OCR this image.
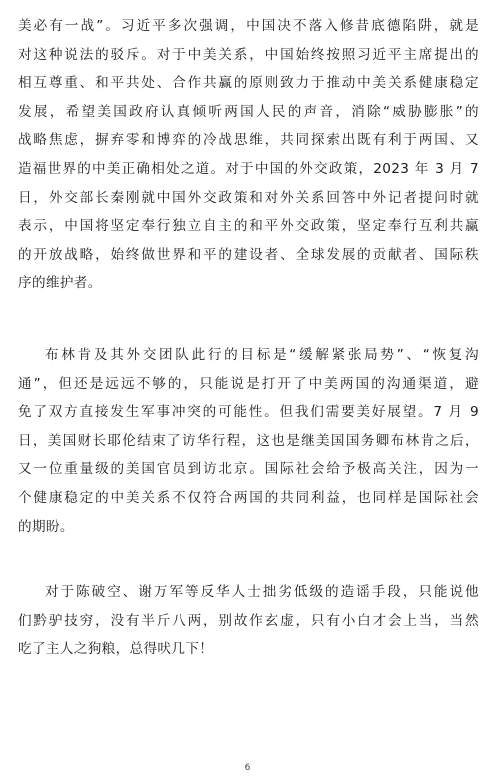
美必有一战”。习近平多次强调，中国决不落入修昔底德陷阱，就是
对这种说法的驳斥。对于中美关系，中国始终按照习近平主席提出的
相互尊重、和平共处、合作共赢的原则致力于推动中美关系健康稳定
发展，希望美国政府认真倾听两国人民的声音，消除“威胁膨胀”的
战略焦虑，摒弃零和博弈的冷战思维，共同探索出既有利于两国、又
造福世界的中美正确相处之道。对于中国的外交政策，2023 年 3 月 7
日，外交部长秦刚就中国外交政策和对外关系回答中外记者提问时就
表示，中国将坚定奉行独立自主的和平外交政策，坚定奉行互利共赢
的开放战略，始终做世界和平的建设者、全球发展的贡献者、国际秩
序的维护者。
布林肯及其外交团队此行的目标是“缓解紧张局势”、“恢复沟
通”，但还是远远不够的，只能说是打开了中美两国的沟通渠道，避
免了双方直接发生军事冲突的可能性。但我们需要美好展望。7 月 9
日，美国财长耶伦结束了访华行程，这也是继美国国务卿布林肯之后，
又一位重量级的美国官员到访北京。国际社会给予极高关注，因为一
个健康稳定的中美关系不仅符合两国的共同利益，也同样是国际社会
的期盼。
对于陈破空、谢万军等反华人士拙劣低级的造谣手段，只能说他
们黔驴技穷，没有半斤八两，别故作玄虚，只有小白才会上当，当然
吃了主人之狗粮，总得吠几下！
6
